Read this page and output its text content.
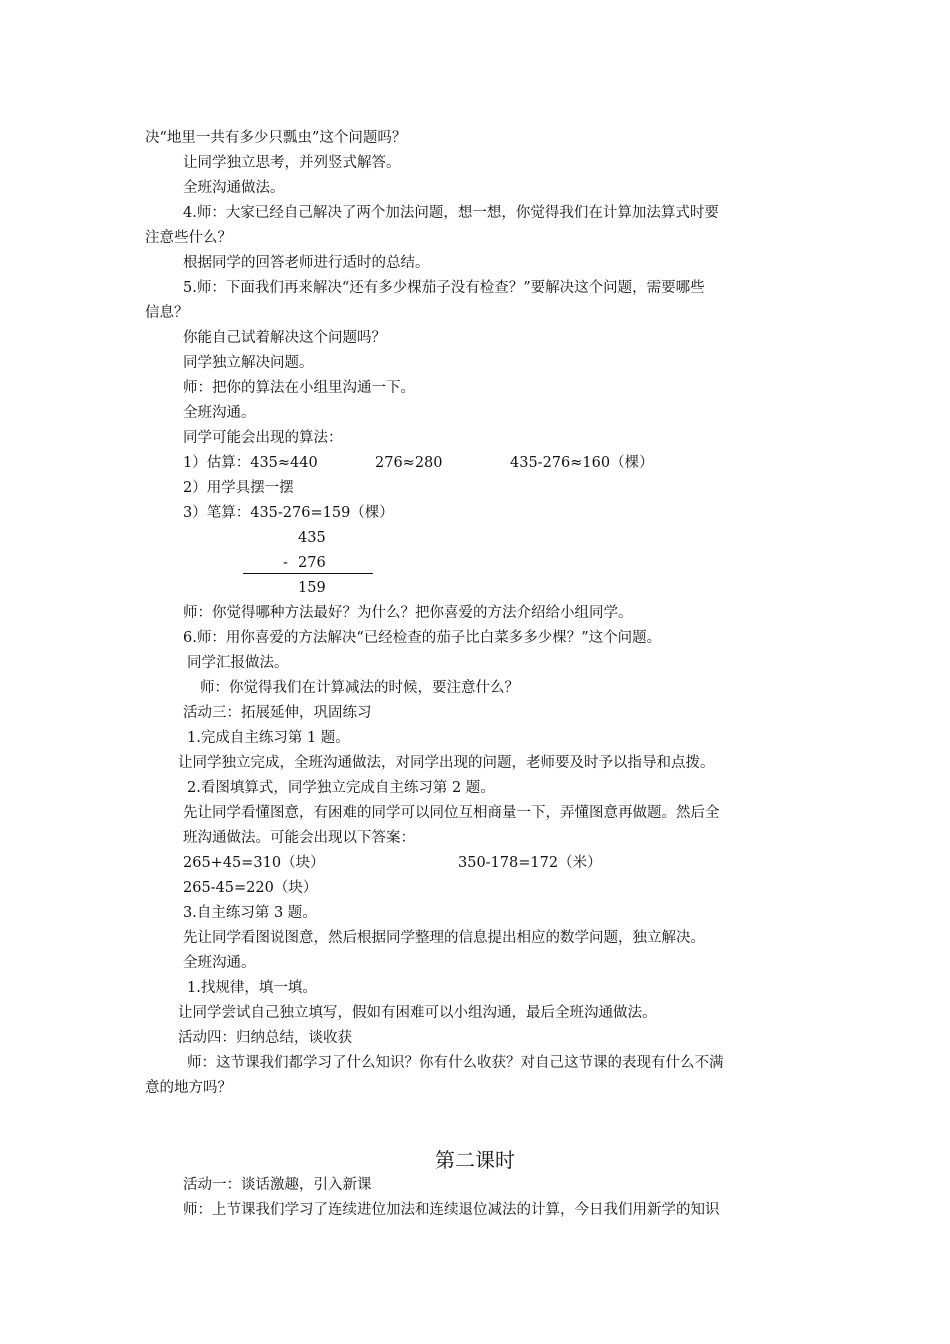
决“地里一共有多少只瓢虫”这个问题吗？
让同学独立思考，并列竖式解答。
全班沟通做法。
4.师：大家已经自己解决了两个加法问题，想一想，你觉得我们在计算加法算式时要
注意些什么？
根据同学的回答老师进行适时的总结。
5.师：下面我们再来解决“还有多少棵茄子没有检查？”要解决这个问题，需要哪些
信息？
你能自己试着解决这个问题吗？
同学独立解决问题。
师：把你的算法在小组里沟通一下。
全班沟通。
同学可能会出现的算法：
1）估算：435≈440	276≈280	435-276≈160（棵）
2）用学具摆一摆
3）笔算：435-276=159（棵）
435
- 276
159
师：你觉得哪种方法最好？为什么？把你喜爱的方法介绍给小组同学。
6.师：用你喜爱的方法解决“已经检查的茄子比白菜多多少棵？”这个问题。
同学汇报做法。
师：你觉得我们在计算减法的时候，要注意什么？
活动三：拓展延伸，巩固练习
1.完成自主练习第 1 题。
让同学独立完成，全班沟通做法，对同学出现的问题，老师要及时予以指导和点拨。
2.看图填算式，同学独立完成自主练习第 2 题。
先让同学看懂图意，有困难的同学可以同位互相商量一下，弄懂图意再做题。然后全
班沟通做法。可能会出现以下答案：
265+45=310（块）	350-178=172（米）
265-45=220（块）
3.自主练习第 3 题。
先让同学看图说图意，然后根据同学整理的信息提出相应的数学问题，独立解决。
全班沟通。
1.找规律，填一填。
让同学尝试自己独立填写，假如有困难可以小组沟通，最后全班沟通做法。
活动四：归纳总结，谈收获
师：这节课我们都学习了什么知识？你有什么收获？对自己这节课的表现有什么不满
意的地方吗？
第二课时
活动一：谈话激趣，引入新课
师：上节课我们学习了连续进位加法和连续退位减法的计算，今日我们用新学的知识
